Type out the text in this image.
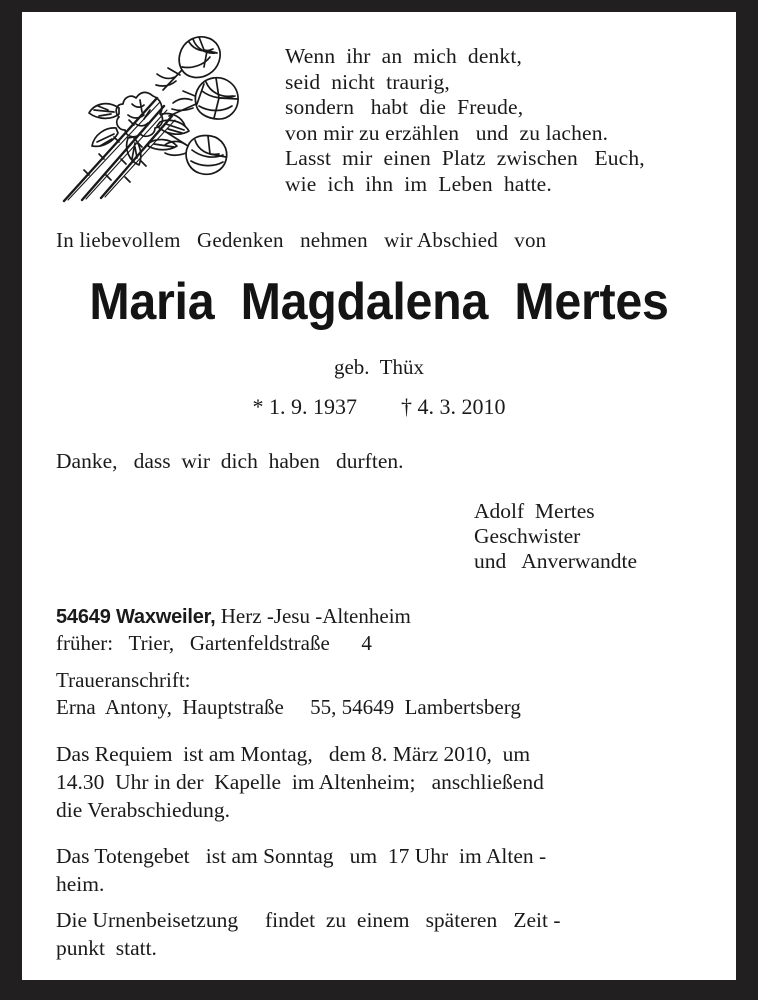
Wenn  ihr  an  mich  denkt,
seid  nicht  traurig,
sondern   habt  die  Freude,
von mir zu erzählen   und  zu lachen.
Lasst  mir  einen  Platz  zwischen   Euch,
wie  ich  ihn  im  Leben  hatte.
In liebevollem   Gedenken   nehmen   wir Abschied   von
Maria  Magdalena  Mertes
geb.  Thüx
* 1. 9. 1937        † 4. 3. 2010
Danke,   dass  wir  dich  haben   durften.
Adolf  Mertes
Geschwister
und   Anverwandte
54649 Waxweiler, Herz -Jesu -Altenheim
früher:   Trier,   Gartenfeldstraße      4
Traueranschrift:
Erna  Antony,  Hauptstraße     55, 54649  Lambertsberg
Das Requiem  ist am Montag,   dem 8. März 2010,  um
14.30  Uhr in der  Kapelle  im Altenheim;   anschließend
die Verabschiedung.
Das Totengebet   ist am Sonntag   um  17 Uhr  im Alten -
heim.
Die Urnenbeisetzung     findet  zu  einem   späteren   Zeit -
punkt  statt.
